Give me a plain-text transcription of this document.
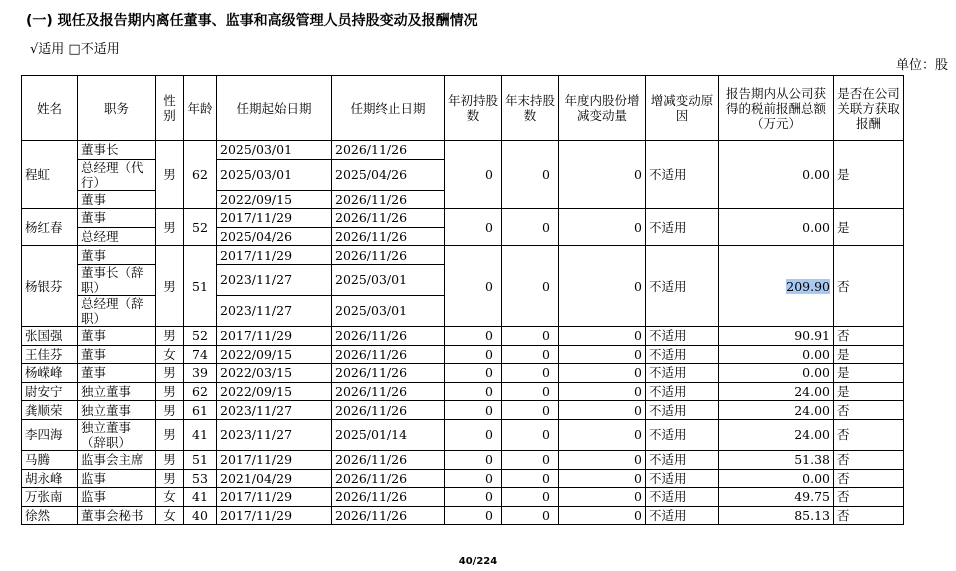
(一) 现任及报告期内离任董事、监事和高级管理人员持股变动及报酬情况
√适用 □不适用
单位：股
姓名	职务	性别	年龄	任期起始日期	任期终止日期	年初持股数	年末持股数	年度内股份增减变动量	增减变动原因	报告期内从公司获得的税前报酬总额（万元）	是否在公司关联方获取报酬
程虹	董事长	男	62	2025/03/01	2026/11/26	0	0	0	不适用	0.00	是
	总经理（代行）			2025/03/01	2025/04/26						
	董事			2022/09/15	2026/11/26						
杨红春	董事	男	52	2017/11/29	2026/11/26	0	0	0	不适用	0.00	是
	总经理			2025/04/26	2026/11/26						
杨银芬	董事	男	51	2017/11/29	2026/11/26	0	0	0	不适用	209.90	否
	董事长（辞职）			2023/11/27	2025/03/01						
	总经理（辞职）			2023/11/27	2025/03/01						
张国强	董事	男	52	2017/11/29	2026/11/26	0	0	0	不适用	90.91	否
王佳芬	董事	女	74	2022/09/15	2026/11/26	0	0	0	不适用	0.00	是
杨嵘峰	董事	男	39	2022/03/15	2026/11/26	0	0	0	不适用	0.00	是
尉安宁	独立董事	男	62	2022/09/15	2026/11/26	0	0	0	不适用	24.00	是
龚顺荣	独立董事	男	61	2023/11/27	2026/11/26	0	0	0	不适用	24.00	否
李四海	独立董事（辞职）	男	41	2023/11/27	2025/01/14	0	0	0	不适用	24.00	否
马腾	监事会主席	男	51	2017/11/29	2026/11/26	0	0	0	不适用	51.38	否
胡永峰	监事	男	53	2021/04/29	2026/11/26	0	0	0	不适用	0.00	否
万张南	监事	女	41	2017/11/29	2026/11/26	0	0	0	不适用	49.75	否
徐然	董事会秘书	女	40	2017/11/29	2026/11/26	0	0	0	不适用	85.13	否
40/224
